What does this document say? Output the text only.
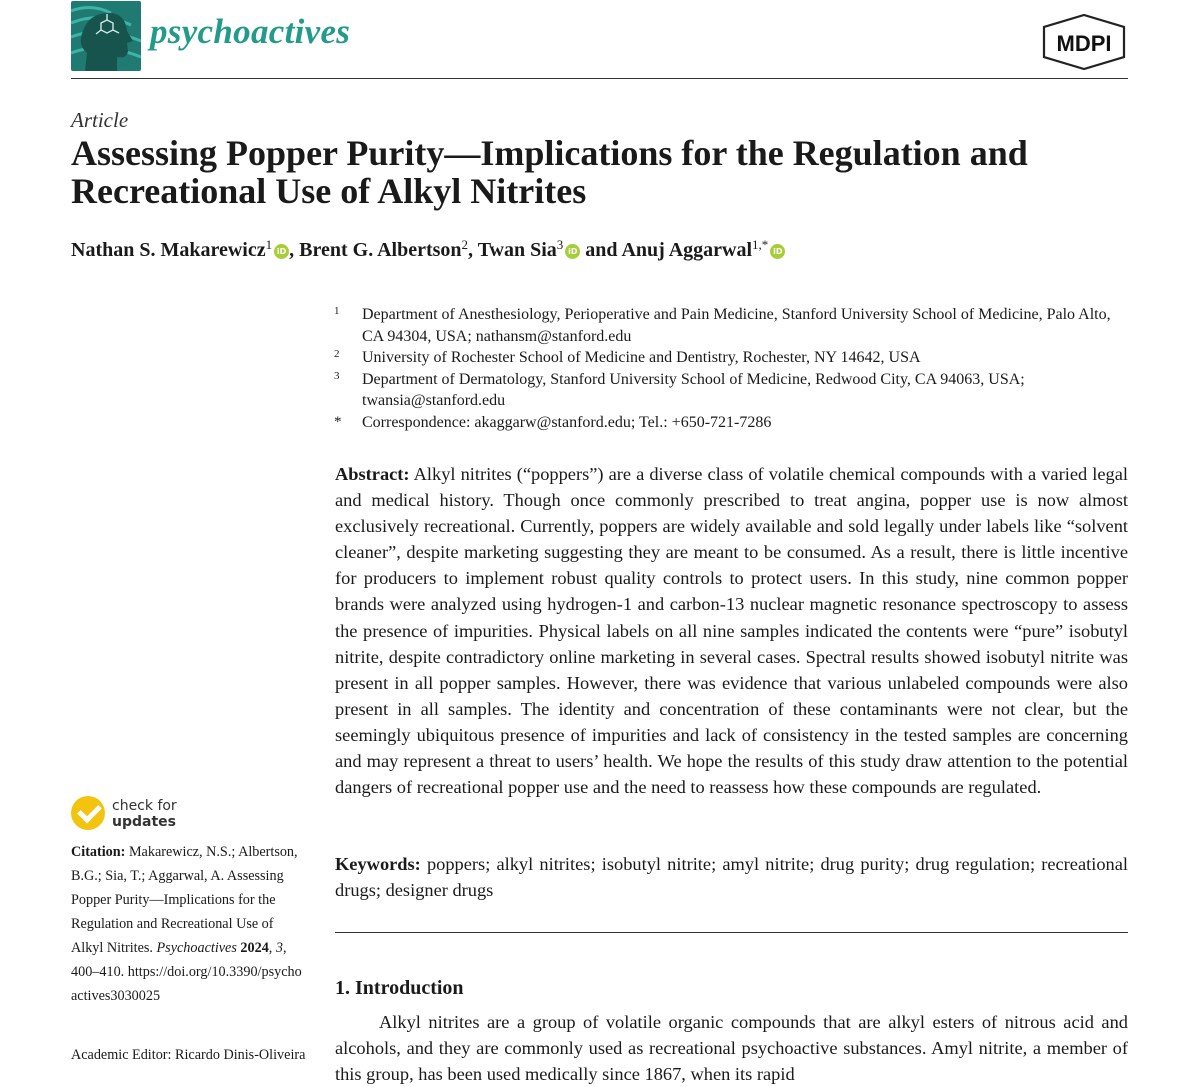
psychoactives	MDPI
Article
Assessing Popper Purity—Implications for the Regulation and Recreational Use of Alkyl Nitrites
Nathan S. Makarewicz$^1$ iD , Brent G. Albertson$^2$, Twan Sia$^3$ iD and Anuj Aggarwal$^{1,*}$ iD
1 Department of Anesthesiology, Perioperative and Pain Medicine, Stanford University School of Medicine, Palo Alto, CA 94304, USA; nathansm@stanford.edu
2 University of Rochester School of Medicine and Dentistry, Rochester, NY 14642, USA
3 Department of Dermatology, Stanford University School of Medicine, Redwood City, CA 94063, USA; twansia@stanford.edu
* Correspondence: akaggarw@stanford.edu; Tel.: +650-721-7286
Abstract: Alkyl nitrites (“poppers”) are a diverse class of volatile chemical compounds with a varied legal and medical history. Though once commonly prescribed to treat angina, popper use is now almost exclusively recreational. Currently, poppers are widely available and sold legally under labels like “solvent cleaner”, despite marketing suggesting they are meant to be consumed. As a result, there is little incentive for producers to implement robust quality controls to protect users. In this study, nine common popper brands were analyzed using hydrogen-1 and carbon-13 nuclear magnetic resonance spectroscopy to assess the presence of impurities. Physical labels on all nine samples indicated the contents were “pure” isobutyl nitrite, despite contradictory online marketing in several cases. Spectral results showed isobutyl nitrite was present in all popper samples. However, there was evidence that various unlabeled compounds were also present in all samples. The identity and concentration of these contaminants were not clear, but the seemingly ubiquitous presence of impurities and lack of consistency in the tested samples are concerning and may represent a threat to users’ health. We hope the results of this study draw attention to the potential dangers of recreational popper use and the need to reassess how these compounds are regulated.
Keywords: poppers; alkyl nitrites; isobutyl nitrite; amyl nitrite; drug purity; drug regulation; recreational drugs; designer drugs
1. Introduction
Alkyl nitrites are a group of volatile organic compounds that are alkyl esters of nitrous acid and alcohols, and they are commonly used as recreational psychoactive substances. Amyl nitrite, a member of this group, has been used medically since 1867, when its rapid
check for
updates
Citation: Makarewicz, N.S.; Albertson, B.G.; Sia, T.; Aggarwal, A. Assessing Popper Purity—Implications for the Regulation and Recreational Use of Alkyl Nitrites. Psychoactives 2024, 3, 400–410. https://doi.org/10.3390/psychoactives3030025
Academic Editor: Ricardo Dinis-Oliveira
